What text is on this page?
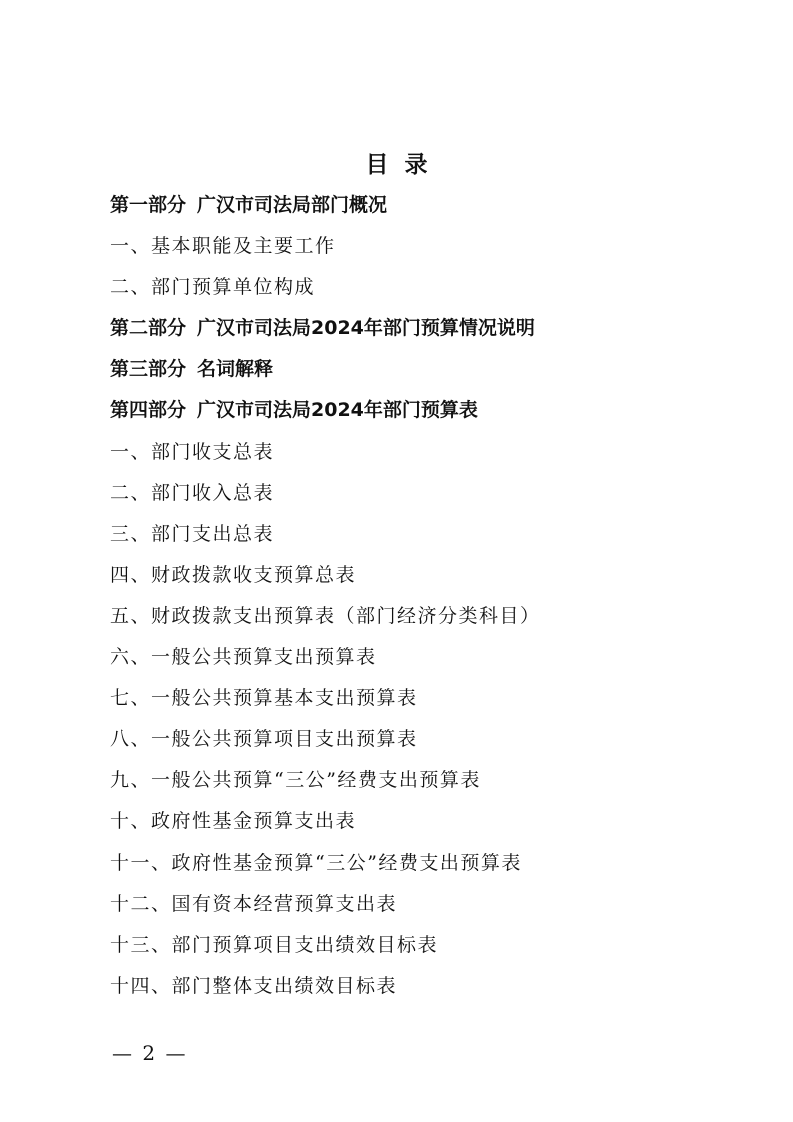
目录
第一部分 广汉市司法局部门概况
一、基本职能及主要工作
二、部门预算单位构成
第二部分 广汉市司法局2024年部门预算情况说明
第三部分 名词解释
第四部分 广汉市司法局2024年部门预算表
一、部门收支总表
二、部门收入总表
三、部门支出总表
四、财政拨款收支预算总表
五、财政拨款支出预算表（部门经济分类科目）
六、一般公共预算支出预算表
七、一般公共预算基本支出预算表
八、一般公共预算项目支出预算表
九、一般公共预算“三公”经费支出预算表
十、政府性基金预算支出表
十一、政府性基金预算“三公”经费支出预算表
十二、国有资本经营预算支出表
十三、部门预算项目支出绩效目标表
十四、部门整体支出绩效目标表
— 2 —
